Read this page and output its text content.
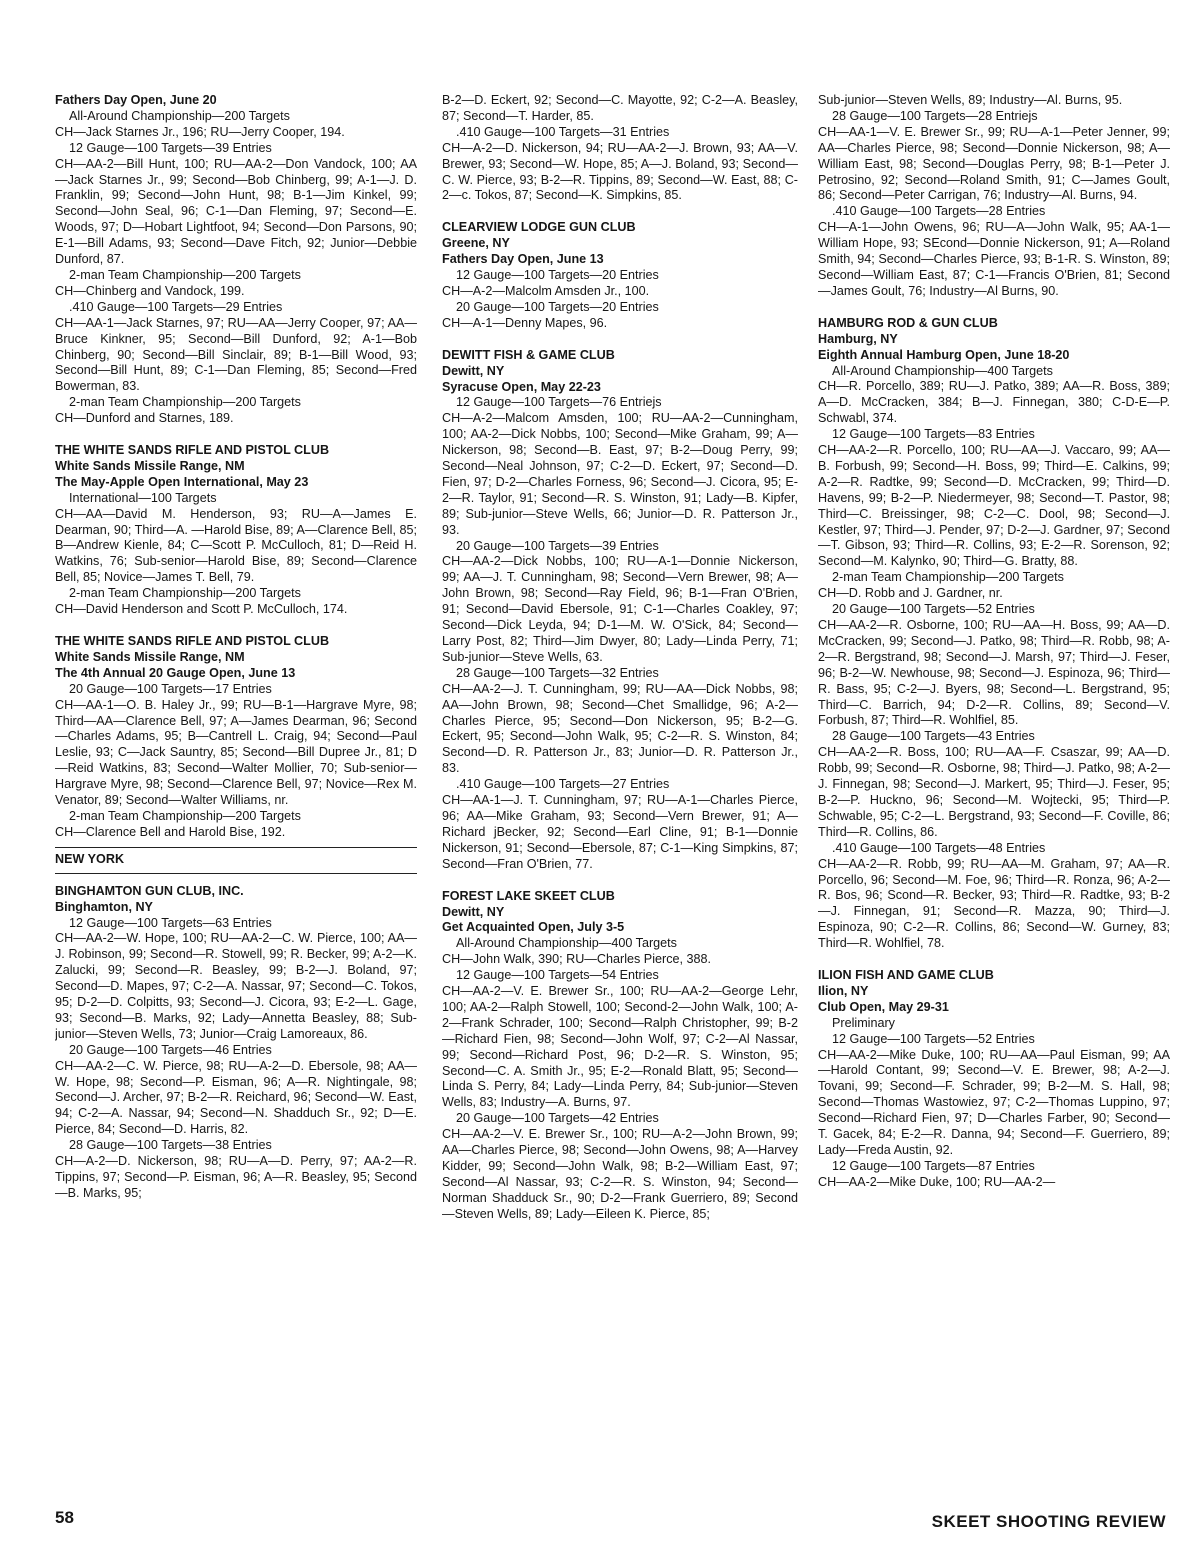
Fathers Day Open, June 20

All-Around Championship—200 Targets

CH—Jack Starnes Jr., 196; RU—Jerry Cooper, 194.

12 Gauge—100 Targets—39 Entries

CH—AA-2—Bill Hunt, 100; RU—AA-2—Don Vandock, 100; AA—Jack Starnes Jr., 99; Second—Bob Chinberg, 99; A-1—J. D. Franklin, 99; Second—John Hunt, 98; B-1—Jim Kinkel, 99; Second—John Seal, 96; C-1—Dan Fleming, 97; Second—E. Woods, 97; D—Hobart Lightfoot, 94; Second—Don Parsons, 90; E-1—Bill Adams, 93; Second—Dave Fitch, 92; Junior—Debbie Dunford, 87.

2-man Team Championship—200 Targets

CH—Chinberg and Vandock, 199.

.410 Gauge—100 Targets—29 Entries

CH—AA-1—Jack Starnes, 97; RU—AA—Jerry Cooper, 97; AA—Bruce Kinkner, 95; Second—Bill Dunford, 92; A-1—Bob Chinberg, 90; Second—Bill Sinclair, 89; B-1—Bill Wood, 93; Second—Bill Hunt, 89; C-1—Dan Fleming, 85; Second—Fred Bowerman, 83.

2-man Team Championship—200 Targets

CH—Dunford and Starnes, 189.

THE WHITE SANDS RIFLE AND PISTOL CLUB

White Sands Missile Range, NM

The May-Apple Open International, May 23

International—100 Targets

CH—AA—David M. Henderson, 93; RU—A—James E. Dearman, 90; Third—A. —Harold Bise, 89; A—Clarence Bell, 85; B—Andrew Kienle, 84; C—Scott P. McCulloch, 81; D—Reid H. Watkins, 76; Sub-senior—Harold Bise, 89; Second—Clarence Bell, 85; Novice—James T. Bell, 79.

2-man Team Championship—200 Targets

CH—David Henderson and Scott P. McCulloch, 174.

THE WHITE SANDS RIFLE AND PISTOL CLUB

White Sands Missile Range, NM

The 4th Annual 20 Gauge Open, June 13

20 Gauge—100 Targets—17 Entries

CH—AA-1—O. B. Haley Jr., 99; RU—B-1—Hargrave Myre, 98; Third—AA—Clarence Bell, 97; A—James Dearman, 96; Second—Charles Adams, 95; B—Cantrell L. Craig, 94; Second—Paul Leslie, 93; C—Jack Sauntry, 85; Second—Bill Dupree Jr., 81; D—Reid Watkins, 83; Second—Walter Mollier, 70; Sub-senior—Hargrave Myre, 98; Second—Clarence Bell, 97; Novice—Rex M. Venator, 89; Second—Walter Williams, nr.

2-man Team Championship—200 Targets

CH—Clarence Bell and Harold Bise, 192.

NEW YORK

BINGHAMTON GUN CLUB, INC.

Binghamton, NY

12 Gauge—100 Targets—63 Entries

CH—AA-2—W. Hope, 100; RU—AA-2—C. W. Pierce, 100; AA—J. Robinson, 99; Second—R. Stowell, 99; R. Becker, 99; A-2—K. Zalucki, 99; Second—R. Beasley, 99; B-2—J. Boland, 97; Second—D. Mapes, 97; C-2—A. Nassar, 97; Second—C. Tokos, 95; D-2—D. Colpitts, 93; Second—J. Cicora, 93; E-2—L. Gage, 93; Second—B. Marks, 92; Lady—Annetta Beasley, 88; Sub-junior—Steven Wells, 73; Junior—Craig Lamoreaux, 86.

20 Gauge—100 Targets—46 Entries

CH—AA-2—C. W. Pierce, 98; RU—A-2—D. Ebersole, 98; AA—W. Hope, 98; Second—P. Eisman, 96; A—R. Nightingale, 98; Second—J. Archer, 97; B-2—R. Reichard, 96; Second—W. East, 94; C-2—A. Nassar, 94; Second—N. Shadduch Sr., 92; D—E. Pierce, 84; Second—D. Harris, 82.

28 Gauge—100 Targets—38 Entries

CH—A-2—D. Nickerson, 98; RU—A—D. Perry, 97; AA-2—R. Tippins, 97; Second—P. Eisman, 96; A—R. Beasley, 95; Second—B. Marks, 95;

B-2—D. Eckert, 92; Second—C. Mayotte, 92; C-2—A. Beasley, 87; Second—T. Harder, 85.

.410 Gauge—100 Targets—31 Entries

CH—A-2—D. Nickerson, 94; RU—AA-2—J. Brown, 93; AA—V. Brewer, 93; Second—W. Hope, 85; A—J. Boland, 93; Second—C. W. Pierce, 93; B-2—R. Tippins, 89; Second—W. East, 88; C-2—c. Tokos, 87; Second—K. Simpkins, 85.

CLEARVIEW LODGE GUN CLUB

Greene, NY

Fathers Day Open, June 13

12 Gauge—100 Targets—20 Entries

CH—A-2—Malcolm Amsden Jr., 100.

20 Gauge—100 Targets—20 Entries

CH—A-1—Denny Mapes, 96.

DEWITT FISH & GAME CLUB

Dewitt, NY

Syracuse Open, May 22-23

12 Gauge—100 Targets—76 Entriejs

CH—A-2—Malcom Amsden, 100; RU—AA-2—Cunningham, 100; AA-2—Dick Nobbs, 100; Second—Mike Graham, 99; A—Nickerson, 98; Second—B. East, 97; B-2—Doug Perry, 99; Second—Neal Johnson, 97; C-2—D. Eckert, 97; Second—D. Fien, 97; D-2—Charles Forness, 96; Second—J. Cicora, 95; E-2—R. Taylor, 91; Second—R. S. Winston, 91; Lady—B. Kipfer, 89; Sub-junior—Steve Wells, 66; Junior—D. R. Patterson Jr., 93.

20 Gauge—100 Targets—39 Entries

CH—AA-2—Dick Nobbs, 100; RU—A-1—Donnie Nickerson, 99; AA—J. T. Cunningham, 98; Second—Vern Brewer, 98; A—John Brown, 98; Second—Ray Field, 96; B-1—Fran O'Brien, 91; Second—David Ebersole, 91; C-1—Charles Coakley, 97; Second—Dick Leyda, 94; D-1—M. W. O'Sick, 84; Second—Larry Post, 82; Third—Jim Dwyer, 80; Lady—Linda Perry, 71; Sub-junior—Steve Wells, 63.

28 Gauge—100 Targets—32 Entries

CH—AA-2—J. T. Cunningham, 99; RU—AA—Dick Nobbs, 98; AA—John Brown, 98; Second—Chet Smallidge, 96; A-2—Charles Pierce, 95; Second—Don Nickerson, 95; B-2—G. Eckert, 95; Second—John Walk, 95; C-2—R. S. Winston, 84; Second—D. R. Patterson Jr., 83; Junior—D. R. Patterson Jr., 83.

.410 Gauge—100 Targets—27 Entries

CH—AA-1—J. T. Cunningham, 97; RU—A-1—Charles Pierce, 96; AA—Mike Graham, 93; Second—Vern Brewer, 91; A—Richard jBecker, 92; Second—Earl Cline, 91; B-1—Donnie Nickerson, 91; Second—Ebersole, 87; C-1—King Simpkins, 87; Second—Fran O'Brien, 77.

FOREST LAKE SKEET CLUB

Dewitt, NY

Get Acquainted Open, July 3-5

All-Around Championship—400 Targets

CH—John Walk, 390; RU—Charles Pierce, 388.

12 Gauge—100 Targets—54 Entries

CH—AA-2—V. E. Brewer Sr., 100; RU—AA-2—George Lehr, 100; AA-2—Ralph Stowell, 100; Second-2—John Walk, 100; A-2—Frank Schrader, 100; Second—Ralph Christopher, 99; B-2—Richard Fien, 98; Second—John Wolf, 97; C-2—Al Nassar, 99; Second—Richard Post, 96; D-2—R. S. Winston, 95; Second—C. A. Smith Jr., 95; E-2—Ronald Blatt, 95; Second—Linda S. Perry, 84; Lady—Linda Perry, 84; Sub-junior—Steven Wells, 83; Industry—A. Burns, 97.

20 Gauge—100 Targets—42 Entries

CH—AA-2—V. E. Brewer Sr., 100; RU—A-2—John Brown, 99; AA—Charles Pierce, 98; Second—John Owens, 98; A—Harvey Kidder, 99; Second—John Walk, 98; B-2—William East, 97; Second—Al Nassar, 93; C-2—R. S. Winston, 94; Second—Norman Shadduck Sr., 90; D-2—Frank Guerriero, 89; Second—Steven Wells, 89; Lady—Eileen K. Pierce, 85;

Sub-junior—Steven Wells, 89; Industry—Al. Burns, 95.

28 Gauge—100 Targets—28 Entriejs

CH—AA-1—V. E. Brewer Sr., 99; RU—A-1—Peter Jenner, 99; AA—Charles Pierce, 98; Second—Donnie Nickerson, 98; A—William East, 98; Second—Douglas Perry, 98; B-1—Peter J. Petrosino, 92; Second—Roland Smith, 91; C—James Goult, 86; Second—Peter Carrigan, 76; Industry—Al. Burns, 94.

.410 Gauge—100 Targets—28 Entries

CH—A-1—John Owens, 96; RU—A—John Walk, 95; AA-1—William Hope, 93; SEcond—Donnie Nickerson, 91; A—Roland Smith, 94; Second—Charles Pierce, 93; B-1-R. S. Winston, 89; Second—William East, 87; C-1—Francis O'Brien, 81; Second—James Goult, 76; Industry—Al Burns, 90.

HAMBURG ROD & GUN CLUB

Hamburg, NY

Eighth Annual Hamburg Open, June 18-20

All-Around Championship—400 Targets

CH—R. Porcello, 389; RU—J. Patko, 389; AA—R. Boss, 389; A—D. McCracken, 384; B—J. Finnegan, 380; C-D-E—P. Schwabl, 374.

12 Gauge—100 Targets—83 Entries

CH—AA-2—R. Porcello, 100; RU—AA—J. Vaccaro, 99; AA—B. Forbush, 99; Second—H. Boss, 99; Third—E. Calkins, 99; A-2—R. Radtke, 99; Second—D. McCracken, 99; Third—D. Havens, 99; B-2—P. Niedermeyer, 98; Second—T. Pastor, 98; Third—C. Breissinger, 98; C-2—C. Dool, 98; Second—J. Kestler, 97; Third—J. Pender, 97; D-2—J. Gardner, 97; Second—T. Gibson, 93; Third—R. Collins, 93; E-2—R. Sorenson, 92; Second—M. Kalynko, 90; Third—G. Bratty, 88.

2-man Team Championship—200 Targets

CH—D. Robb and J. Gardner, nr.

20 Gauge—100 Targets—52 Entries

CH—AA-2—R. Osborne, 100; RU—AA—H. Boss, 99; AA—D. McCracken, 99; Second—J. Patko, 98; Third—R. Robb, 98; A-2—R. Bergstrand, 98; Second—J. Marsh, 97; Third—J. Feser, 96; B-2—W. Newhouse, 98; Second—J. Espinoza, 96; Third—R. Bass, 95; C-2—J. Byers, 98; Second—L. Bergstrand, 95; Third—C. Barrich, 94; D-2—R. Collins, 89; Second—V. Forbush, 87; Third—R. Wohlfiel, 85.

28 Gauge—100 Targets—43 Entries

CH—AA-2—R. Boss, 100; RU—AA—F. Csaszar, 99; AA—D. Robb, 99; Second—R. Osborne, 98; Third—J. Patko, 98; A-2—J. Finnegan, 98; Second—J. Markert, 95; Third—J. Feser, 95; B-2—P. Huckno, 96; Second—M. Wojtecki, 95; Third—P. Schwable, 95; C-2—L. Bergstrand, 93; Second—F. Coville, 86; Third—R. Collins, 86.

.410 Gauge—100 Targets—48 Entries

CH—AA-2—R. Robb, 99; RU—AA—M. Graham, 97; AA—R. Porcello, 96; Second—M. Foe, 96; Third—R. Ronza, 96; A-2—R. Bos, 96; Scond—R. Becker, 93; Third—R. Radtke, 93; B-2—J. Finnegan, 91; Second—R. Mazza, 90; Third—J. Espinoza, 90; C-2—R. Collins, 86; Second—W. Gurney, 83; Third—R. Wohlfiel, 78.

ILION FISH AND GAME CLUB

Ilion, NY

Club Open, May 29-31

Preliminary

12 Gauge—100 Targets—52 Entries

CH—AA-2—Mike Duke, 100; RU—AA—Paul Eisman, 99; AA—Harold Contant, 99; Second—V. E. Brewer, 98; A-2—J. Tovani, 99; Second—F. Schrader, 99; B-2—M. S. Hall, 98; Second—Thomas Wastowiez, 97; C-2—Thomas Luppino, 97; Second—Richard Fien, 97; D—Charles Farber, 90; Second—T. Gacek, 84; E-2—R. Danna, 94; Second—F. Guerriero, 89; Lady—Freda Austin, 92.

12 Gauge—100 Targets—87 Entries

CH—AA-2—Mike Duke, 100; RU—AA-2—

58	SKEET SHOOTING REVIEW
